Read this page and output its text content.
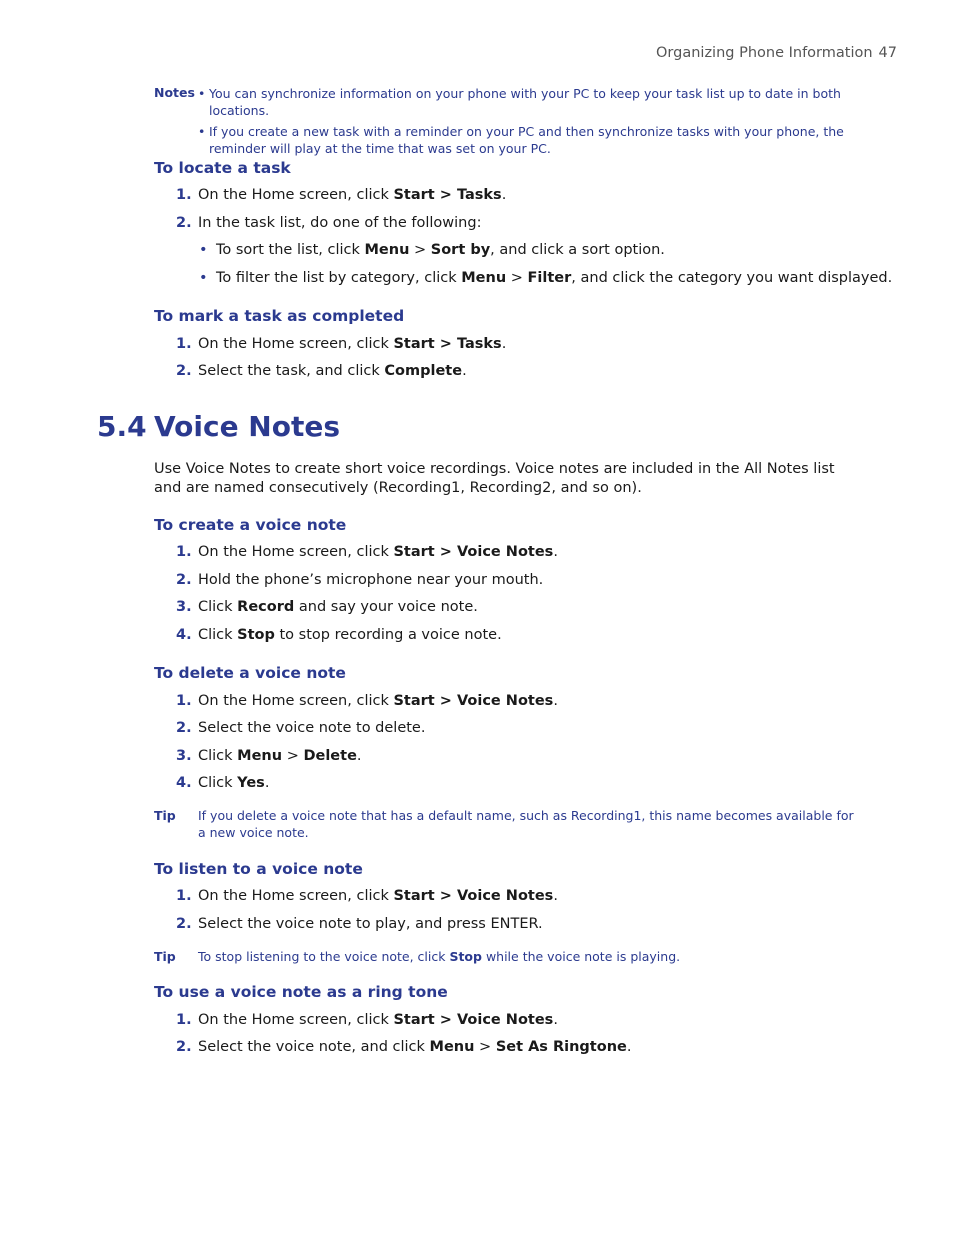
Organizing Phone Information 47
Notes
•	You can synchronize information on your phone with your PC to keep your task list up to date in both locations.
• If you create a new task with a reminder on your PC and then synchronize tasks with your phone, the reminder will play at the time that was set on your PC.
To locate a task
1. On the Home screen, click Start > Tasks.
2. In the task list, do one of the following:
• To sort the list, click Menu > Sort by, and click a sort option.
• To filter the list by category, click Menu > Filter, and click the category you want displayed.
To mark a task as completed
1. On the Home screen, click Start > Tasks.
2. Select the task, and click Complete.
5.4 Voice Notes
Use Voice Notes to create short voice recordings. Voice notes are included in the All Notes list and are named consecutively (Recording1, Recording2, and so on).
To create a voice note
1. On the Home screen, click Start > Voice Notes.
2. Hold the phone’s microphone near your mouth.
3. Click Record and say your voice note.
4. Click Stop to stop recording a voice note.
To delete a voice note
1. On the Home screen, click Start > Voice Notes.
2. Select the voice note to delete.
3. Click Menu > Delete.
4. Click Yes.
Tip If you delete a voice note that has a default name, such as Recording1, this name becomes available for a new voice note.
To listen to a voice note
1. On the Home screen, click Start > Voice Notes.
2. Select the voice note to play, and press ENTER.
Tip To stop listening to the voice note, click Stop while the voice note is playing.
To use a voice note as a ring tone
1. On the Home screen, click Start > Voice Notes.
2. Select the voice note, and click Menu > Set As Ringtone.
